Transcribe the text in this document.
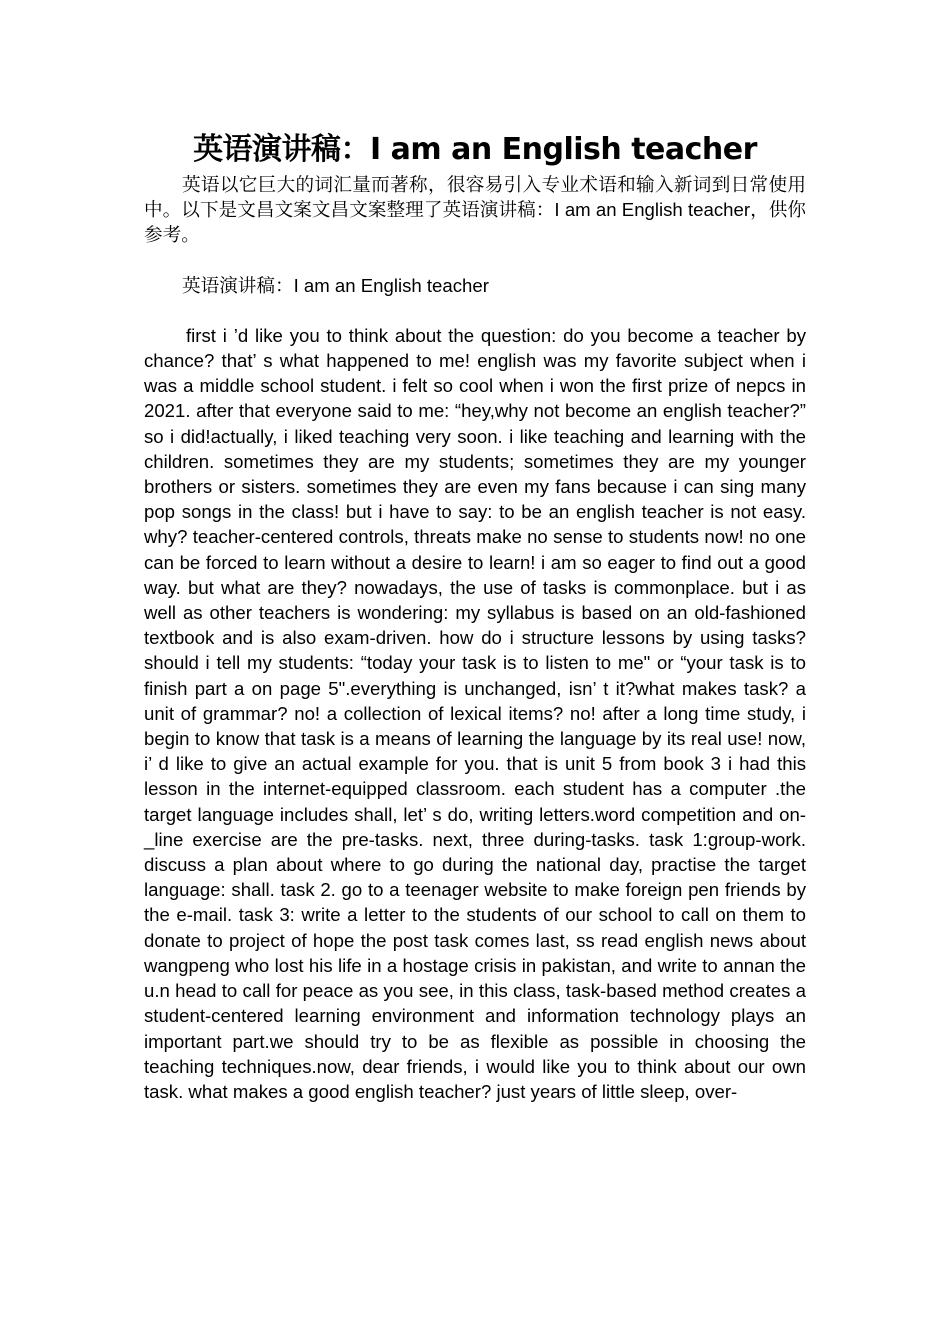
英语演讲稿：I am an English teacher

英语以它巨大的词汇量而著称，很容易引入专业术语和输入新词到日常使用中。以下是文昌文案文昌文案整理了英语演讲稿：I am an English teacher，供你参考。

英语演讲稿：I am an English teacher

first i ’d like you to think about the question: do you become a teacher by chance? that’ s what happened to me! english was my favorite subject when i was a middle school student. i felt so cool when i won the first prize of nepcs in 2021. after that everyone said to me: “hey,why not become an english teacher?” so i did!actually, i liked teaching very soon. i like teaching and learning with the children. sometimes they are my students; sometimes they are my younger brothers or sisters. sometimes they are even my fans because i can sing many pop songs in the class! but i have to say: to be an english teacher is not easy. why? teacher-centered controls, threats make no sense to students now! no one can be forced to learn without a desire to learn! i am so eager to find out a good way. but what are they? nowadays, the use of tasks is commonplace. but i as well as other teachers is wondering: my syllabus is based on an old-fashioned textbook and is also exam-driven. how do i structure lessons by using tasks? should i tell my students: “today your task is to listen to me" or “your task is to finish part a on page 5".everything is unchanged, isn’ t it?what makes task? a unit of grammar? no! a collection of lexical items? no! after a long time study, i begin to know that task is a means of learning the language by its real use! now, i’ d like to give an actual example for you. that is unit 5 from book 3 i had this lesson in the internet-equipped classroom. each student has a computer .the target language includes shall, let’ s do, writing letters.word competition and on-_line exercise are the pre-tasks. next, three during-tasks. task 1:group-work. discuss a plan about where to go during the national day, practise the target language: shall. task 2. go to a teenager website to make foreign pen friends by the e-mail. task 3: write a letter to the students of our school to call on them to donate to project of hope the post task comes last, ss read english news about wangpeng who lost his life in a hostage crisis in pakistan, and write to annan the u.n head to call for peace as you see, in this class, task-based method creates a student-centered learning environment and information technology plays an important part.we should try to be as flexible as possible in choosing the teaching techniques.now, dear friends, i would like you to think about our own task. what makes a good english teacher? just years of little sleep, over-
